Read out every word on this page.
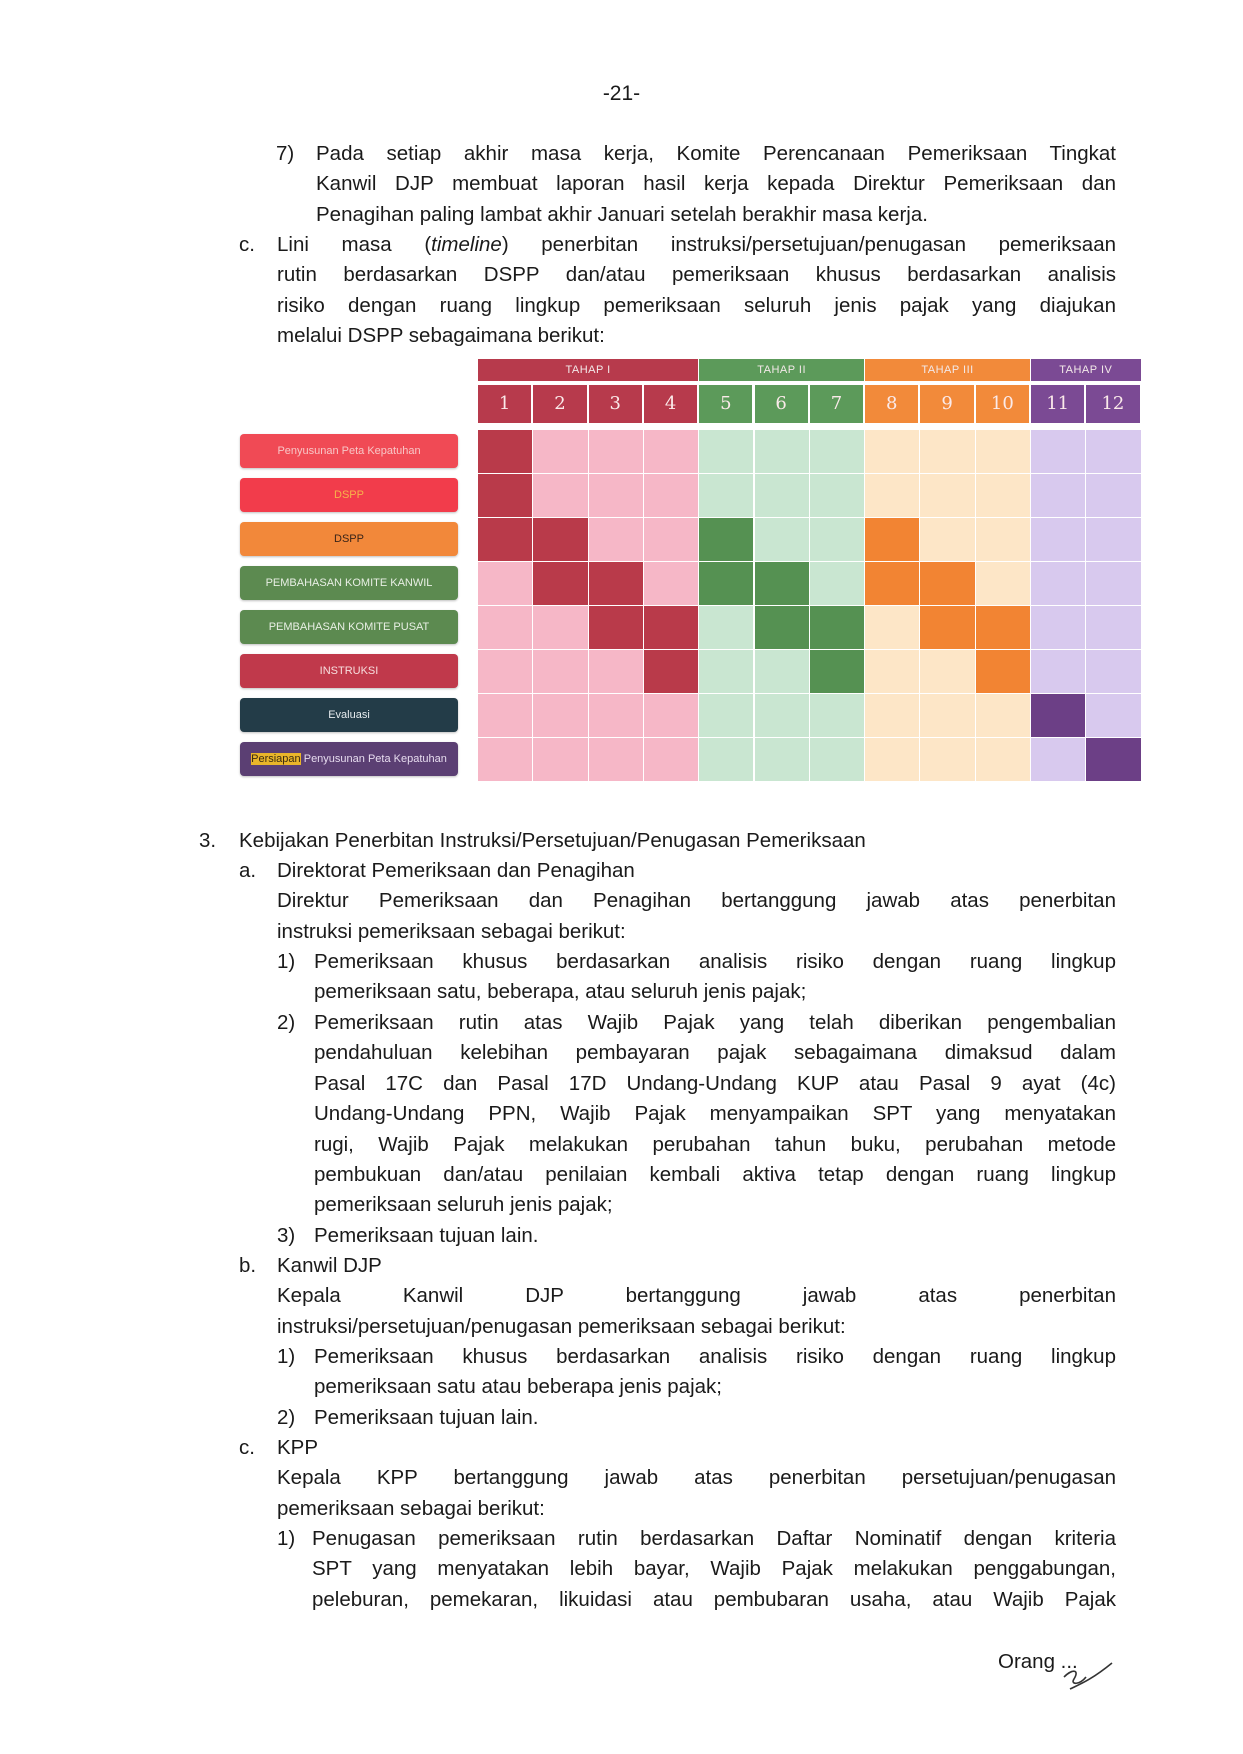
-21-
7) Pada setiap akhir masa kerja, Komite Perencanaan Pemeriksaan Tingkat
Kanwil DJP membuat laporan hasil kerja kepada Direktur Pemeriksaan dan
Penagihan paling lambat akhir Januari setelah berakhir masa kerja.
c. Lini masa (timeline) penerbitan instruksi/persetujuan/penugasan pemeriksaan
rutin berdasarkan DSPP dan/atau pemeriksaan khusus berdasarkan analisis
risiko dengan ruang lingkup pemeriksaan seluruh jenis pajak yang diajukan
melalui DSPP sebagaimana berikut:
TAHAP I	TAHAP II	TAHAP III	TAHAP IV
1	2	3	4	5	6	7	8	9	10	11	12
Penyusunan Peta Kepatuhan
DSPP
DSPP
PEMBAHASAN KOMITE KANWIL
PEMBAHASAN KOMITE PUSAT
INSTRUKSI
Evaluasi
Persiapan Penyusunan Peta Kepatuhan
3. Kebijakan Penerbitan Instruksi/Persetujuan/Penugasan Pemeriksaan
a. Direktorat Pemeriksaan dan Penagihan
Direktur Pemeriksaan dan Penagihan bertanggung jawab atas penerbitan
instruksi pemeriksaan sebagai berikut:
1) Pemeriksaan khusus berdasarkan analisis risiko dengan ruang lingkup
pemeriksaan satu, beberapa, atau seluruh jenis pajak;
2) Pemeriksaan rutin atas Wajib Pajak yang telah diberikan pengembalian
pendahuluan kelebihan pembayaran pajak sebagaimana dimaksud dalam
Pasal 17C dan Pasal 17D Undang-Undang KUP atau Pasal 9 ayat (4c)
Undang-Undang PPN, Wajib Pajak menyampaikan SPT yang menyatakan
rugi, Wajib Pajak melakukan perubahan tahun buku, perubahan metode
pembukuan dan/atau penilaian kembali aktiva tetap dengan ruang lingkup
pemeriksaan seluruh jenis pajak;
3) Pemeriksaan tujuan lain.
b. Kanwil DJP
Kepala Kanwil DJP bertanggung jawab atas penerbitan
instruksi/persetujuan/penugasan pemeriksaan sebagai berikut:
1) Pemeriksaan khusus berdasarkan analisis risiko dengan ruang lingkup
pemeriksaan satu atau beberapa jenis pajak;
2) Pemeriksaan tujuan lain.
c. KPP
Kepala KPP bertanggung jawab atas penerbitan persetujuan/penugasan
pemeriksaan sebagai berikut:
1) Penugasan pemeriksaan rutin berdasarkan Daftar Nominatif dengan kriteria
SPT yang menyatakan lebih bayar, Wajib Pajak melakukan penggabungan,
peleburan, pemekaran, likuidasi atau pembubaran usaha, atau Wajib Pajak
Orang ...
